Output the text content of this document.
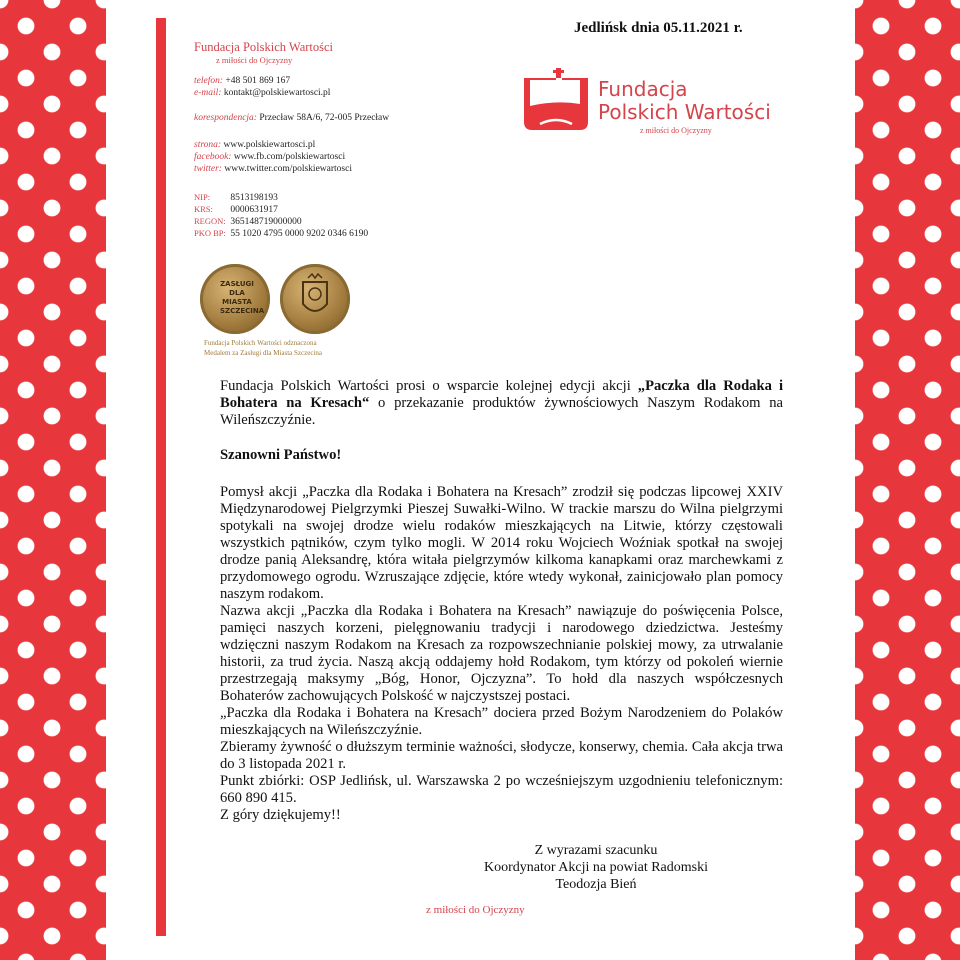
Jedlińsk dnia 05.11.2021 r.
Fundacja Polskich Wartości
z miłości do Ojczyzny
telefon: +48 501 869 167
e-mail: kontakt@polskiewartosci.pl
korespondencja: Przecław 58A/6, 72-005 Przecław
strona: www.polskiewartosci.pl
facebook: www.fb.com/polskiewartosci
twitter: www.twitter.com/polskiewartosci
NIP: 8513198193
KRS: 0000631917
REGON: 365148719000000
PKO BP: 55 1020 4795 0000 9202 0346 6190
Fundacja
Polskich Wartości
z miłości do Ojczyzny
ZASŁUGI DLA MIASTA SZCZECINA
Fundacja Polskich Wartości odznaczona
Medalem za Zasługi dla Miasta Szczecina
Fundacja Polskich Wartości prosi o wsparcie kolejnej edycji akcji „Paczka dla Rodaka i Bohatera na Kresach“ o przekazanie produktów żywnościowych Naszym Rodakom na Wileńszczyźnie.
Szanowni Państwo!

Pomysł akcji „Paczka dla Rodaka i Bohatera na Kresach” zrodził się podczas lipcowej XXIV Międzynarodowej Pielgrzymki Pieszej Suwałki-Wilno. W trackie marszu do Wilna pielgrzymi spotykali na swojej drodze wielu rodaków mieszkających na Litwie, którzy częstowali wszystkich pątników, czym tylko mogli. W 2014 roku Wojciech Woźniak spotkał na swojej drodze panią Aleksandrę, która witała pielgrzymów kilkoma kanapkami oraz marchewkami z przydomowego ogrodu. Wzruszające zdjęcie, które wtedy wykonał, zainicjowało plan pomocy naszym rodakom.

Nazwa akcji „Paczka dla Rodaka i Bohatera na Kresach” nawiązuje do poświęcenia Polsce, pamięci naszych korzeni, pielęgnowaniu tradycji i narodowego dziedzictwa. Jesteśmy wdzięczni naszym Rodakom na Kresach za rozpowszechnianie polskiej mowy, za utrwalanie historii, za trud życia. Naszą akcją oddajemy hołd Rodakom, tym którzy od pokoleń wiernie przestrzegają maksymy „Bóg, Honor, Ojczyzna”. To hołd dla naszych współczesnych Bohaterów zachowujących Polskość w najczystszej postaci.

„Paczka dla Rodaka i Bohatera na Kresach” dociera przed Bożym Narodzeniem do Polaków mieszkających na Wileńszczyźnie.

Zbieramy żywność o dłuższym terminie ważności, słodycze, konserwy, chemia. Cała akcja trwa do 3 listopada 2021 r.

Punkt zbiórki: OSP Jedlińsk, ul. Warszawska 2 po wcześniejszym uzgodnieniu telefonicznym: 660 890 415.

Z góry dziękujemy!!

Z wyrazami szacunku
Koordynator Akcji na powiat Radomski
Teodozja Bień
z miłości do Ojczyzny
